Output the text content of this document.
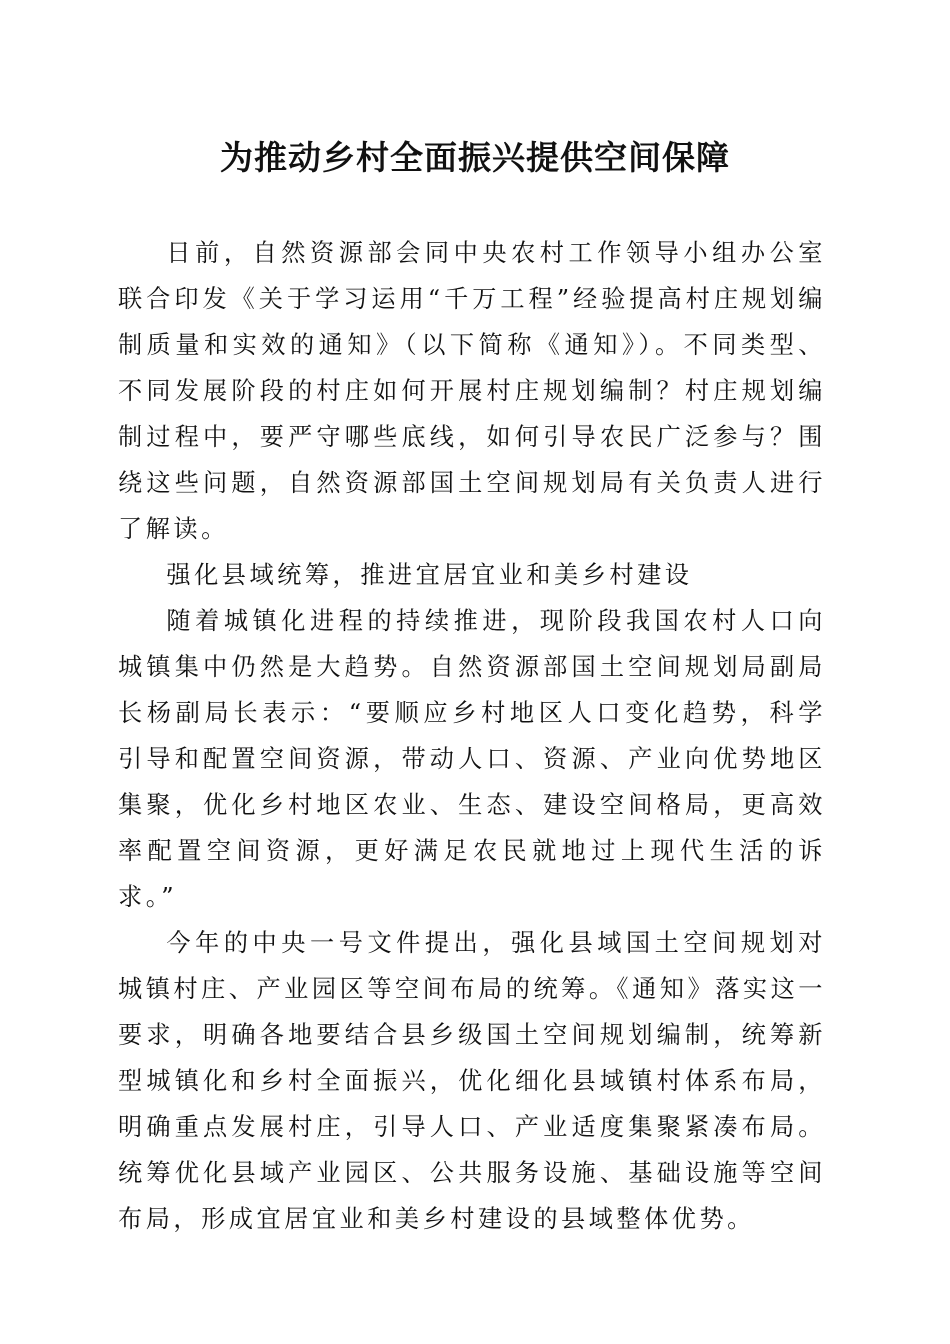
为推动乡村全面振兴提供空间保障

日前，自然资源部会同中央农村工作领导小组办公室联合印发《关于学习运用“千万工程”经验提高村庄规划编制质量和实效的通知》（以下简称《通知》）。不同类型、不同发展阶段的村庄如何开展村庄规划编制？村庄规划编制过程中，要严守哪些底线，如何引导农民广泛参与？围绕这些问题，自然资源部国土空间规划局有关负责人进行了解读。

强化县域统筹，推进宜居宜业和美乡村建设

随着城镇化进程的持续推进，现阶段我国农村人口向城镇集中仍然是大趋势。自然资源部国土空间规划局副局长杨副局长表示：“要顺应乡村地区人口变化趋势，科学引导和配置空间资源，带动人口、资源、产业向优势地区集聚，优化乡村地区农业、生态、建设空间格局，更高效率配置空间资源，更好满足农民就地过上现代生活的诉求。”

今年的中央一号文件提出，强化县域国土空间规划对城镇村庄、产业园区等空间布局的统筹。《通知》落实这一要求，明确各地要结合县乡级国土空间规划编制，统筹新型城镇化和乡村全面振兴，优化细化县域镇村体系布局，明确重点发展村庄，引导人口、产业适度集聚紧凑布局。统筹优化县域产业园区、公共服务设施、基础设施等空间布局，形成宜居宜业和美乡村建设的县域整体优势。
